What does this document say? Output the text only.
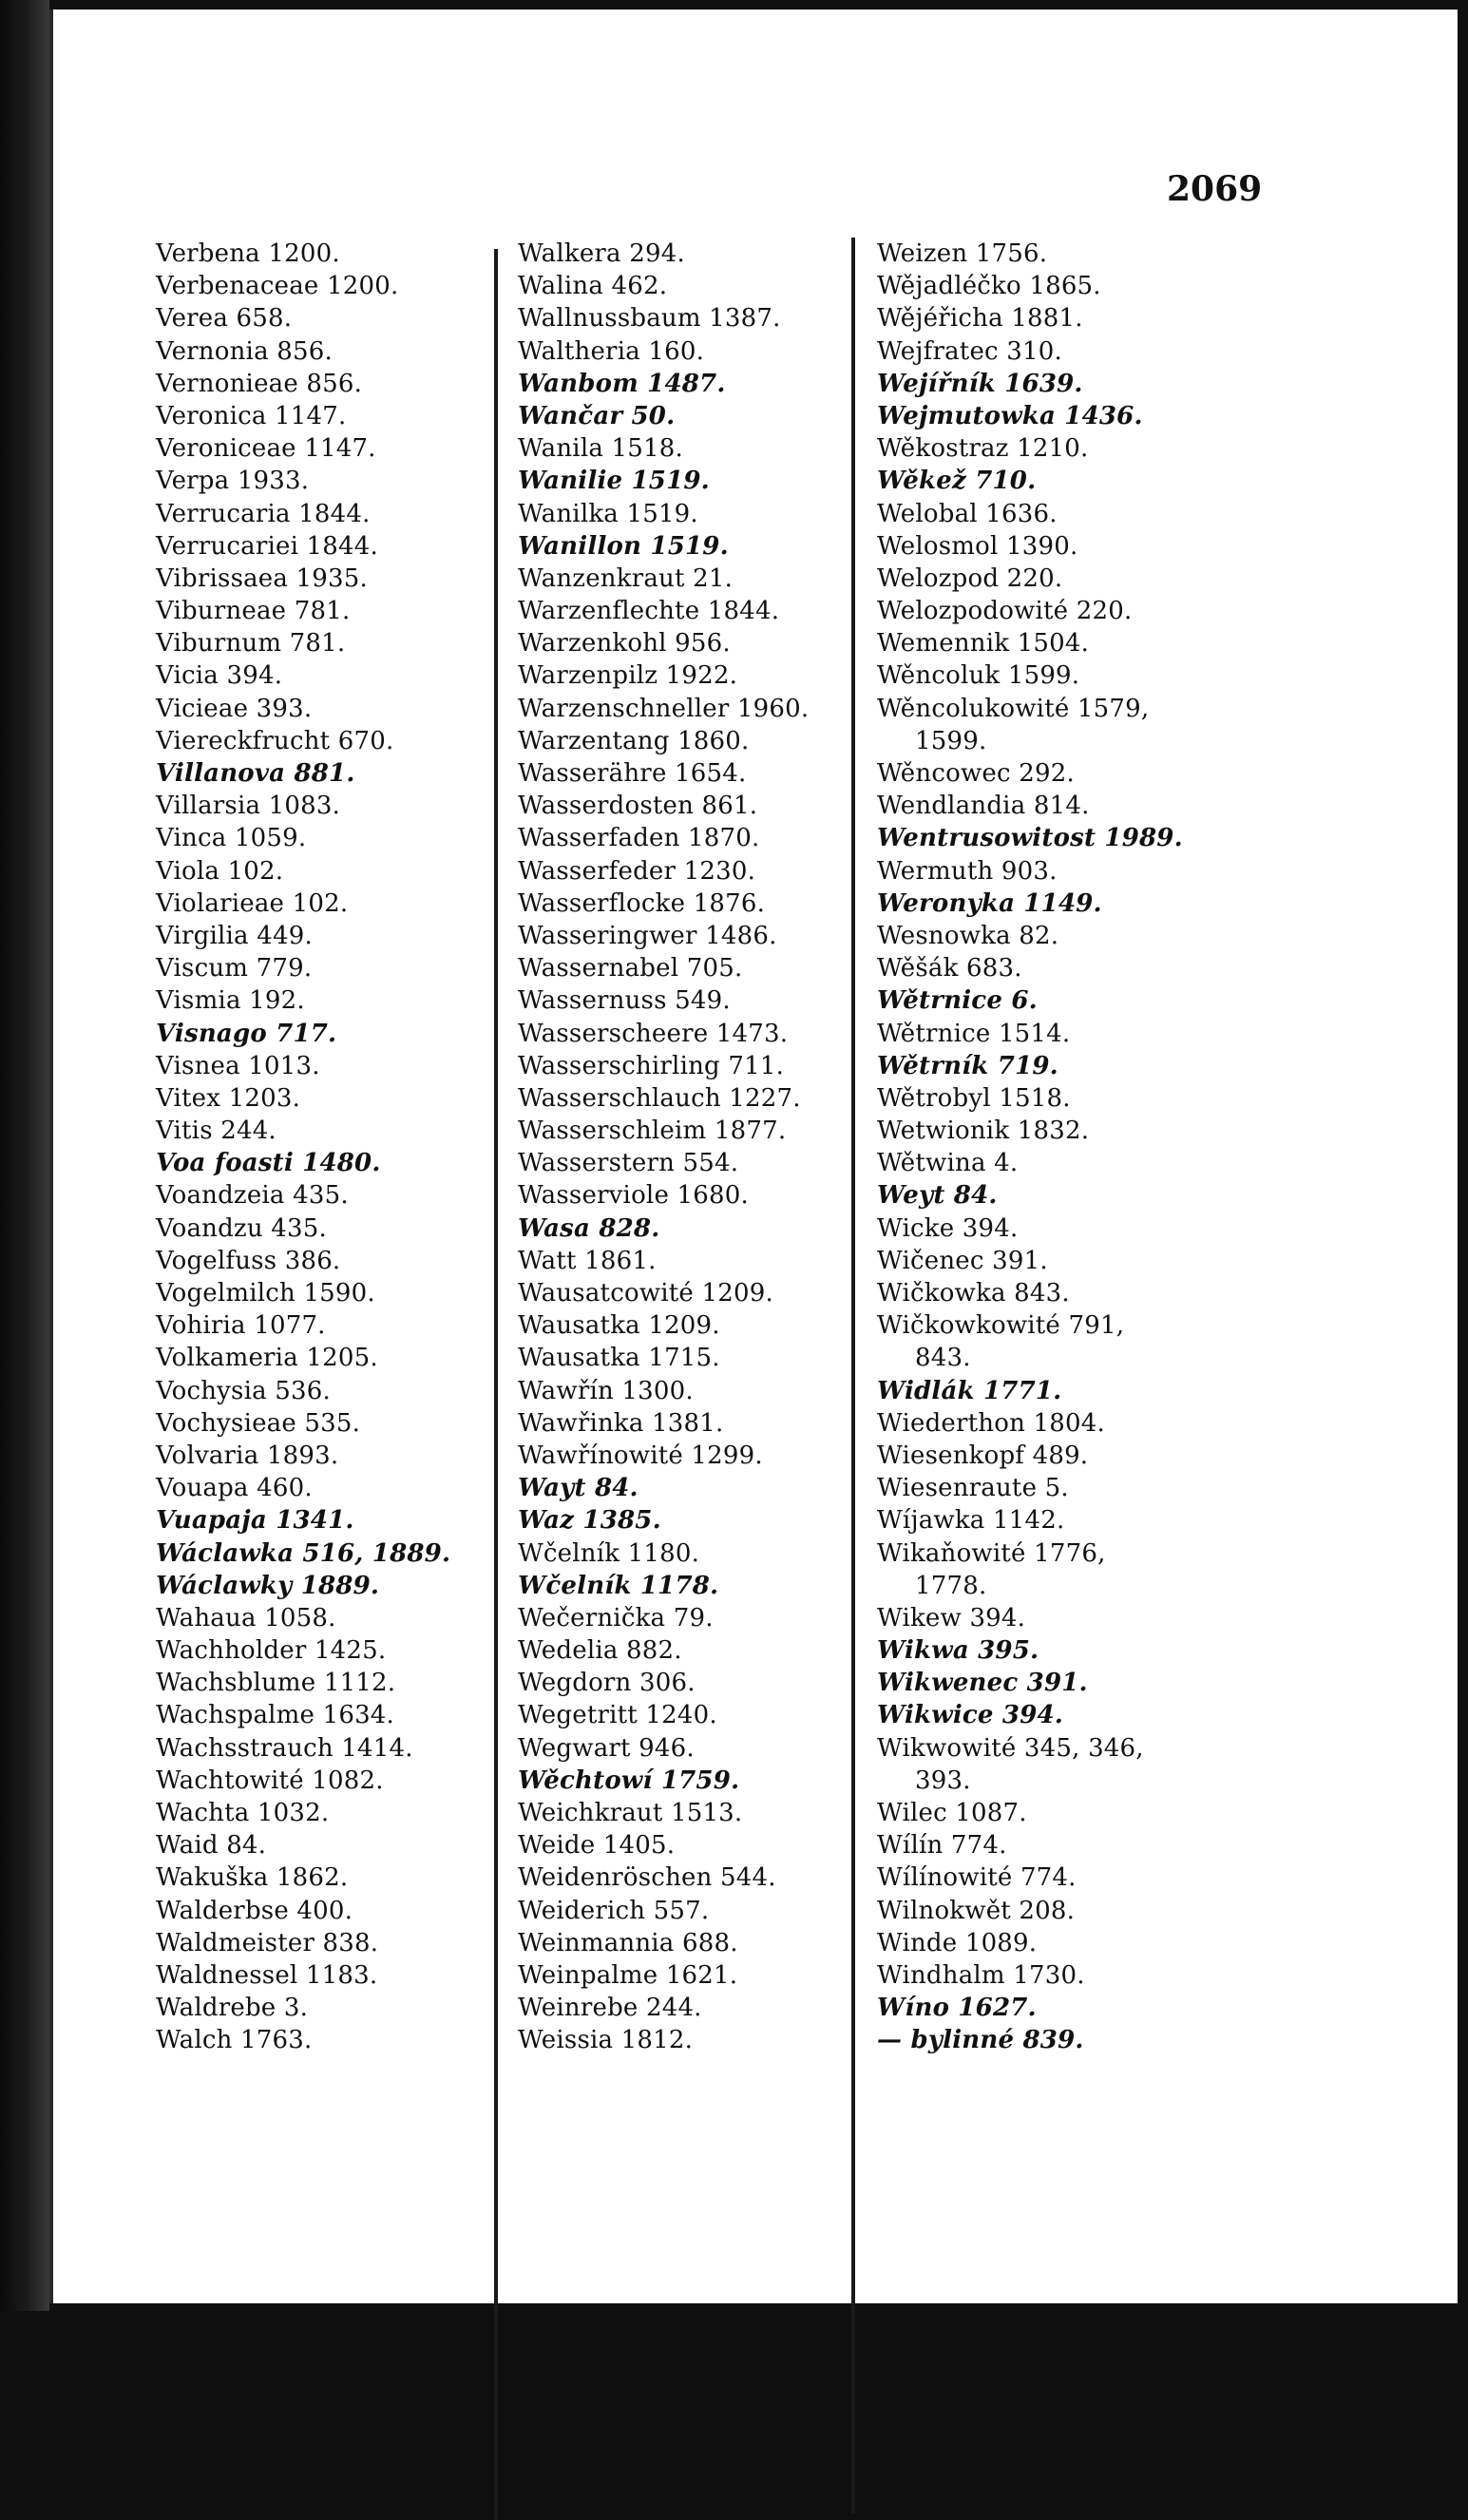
2069
Verbena 1200.
Verbenaceae 1200.
Verea 658.
Vernonia 856.
Vernonieae 856.
Veronica 1147.
Veroniceae 1147.
Verpa 1933.
Verrucaria 1844.
Verrucariei 1844.
Vibrissaea 1935.
Viburneae 781.
Viburnum 781.
Vicia 394.
Vicieae 393.
Viereckfrucht 670.
Villanova 881.
Villarsia 1083.
Vinca 1059.
Viola 102.
Violarieae 102.
Virgilia 449.
Viscum 779.
Vismia 192.
Visnago 717.
Visnea 1013.
Vitex 1203.
Vitis 244.
Voa foasti 1480.
Voandzeia 435.
Voandzu 435.
Vogelfuss 386.
Vogelmilch 1590.
Vohiria 1077.
Volkameria 1205.
Vochysia 536.
Vochysieae 535.
Volvaria 1893.
Vouapa 460.
Vuapaja 1341.
Wáclawka 516, 1889.
Wáclawky 1889.
Wahaua 1058.
Wachholder 1425.
Wachsblume 1112.
Wachspalme 1634.
Wachsstrauch 1414.
Wachtowité 1082.
Wachta 1032.
Waid 84.
Wakuška 1862.
Walderbse 400.
Waldmeister 838.
Waldnessel 1183.
Waldrebe 3.
Walch 1763.
Walkera 294.
Walina 462.
Wallnussbaum 1387.
Waltheria 160.
Wanbom 1487.
Wančar 50.
Wanila 1518.
Wanilie 1519.
Wanilka 1519.
Wanillon 1519.
Wanzenkraut 21.
Warzenflechte 1844.
Warzenkohl 956.
Warzenpilz 1922.
Warzenschneller 1960.
Warzentang 1860.
Wasserähre 1654.
Wasserdosten 861.
Wasserfaden 1870.
Wasserfeder 1230.
Wasserflocke 1876.
Wasseringwer 1486.
Wassernabel 705.
Wassernuss 549.
Wasserscheere 1473.
Wasserschirling 711.
Wasserschlauch 1227.
Wasserschleim 1877.
Wasserstern 554.
Wasserviole 1680.
Wasa 828.
Watt 1861.
Wausatcowité 1209.
Wausatka 1209.
Wausatka 1715.
Wawřín 1300.
Wawřinka 1381.
Wawřínowité 1299.
Wayt 84.
Waz 1385.
Wčelník 1180.
Wčelník 1178.
Wečernička 79.
Wedelia 882.
Wegdorn 306.
Wegetritt 1240.
Wegwart 946.
Wěchtowí 1759.
Weichkraut 1513.
Weide 1405.
Weidenröschen 544.
Weiderich 557.
Weinmannia 688.
Weinpalme 1621.
Weinrebe 244.
Weissia 1812.
Weizen 1756.
Wějadléčko 1865.
Wějéřicha 1881.
Wejfratec 310.
Wejířník 1639.
Wejmutowka 1436.
Wěkostraz 1210.
Wěkež 710.
Welobal 1636.
Welosmol 1390.
Welozpod 220.
Welozpodowité 220.
Wemennik 1504.
Wěncoluk 1599.
Wěncolukowité 1579,
1599.
Wěncowec 292.
Wendlandia 814.
Wentrusowitost 1989.
Wermuth 903.
Weronyka 1149.
Wesnowka 82.
Wěšák 683.
Wětrnice 6.
Wětrnice 1514.
Wětrník 719.
Wětrobyl 1518.
Wetwionik 1832.
Wětwina 4.
Weyt 84.
Wicke 394.
Wičenec 391.
Wičkowka 843.
Wičkowkowité 791,
843.
Widlák 1771.
Wiederthon 1804.
Wiesenkopf 489.
Wiesenraute 5.
Wíjawka 1142.
Wikaňowité 1776,
1778.
Wikew 394.
Wikwa 395.
Wikwenec 391.
Wikwice 394.
Wikwowité 345, 346,
393.
Wilec 1087.
Wílín 774.
Wílínowité 774.
Wilnokwět 208.
Winde 1089.
Windhalm 1730.
Wíno 1627.
— bylinné 839.
